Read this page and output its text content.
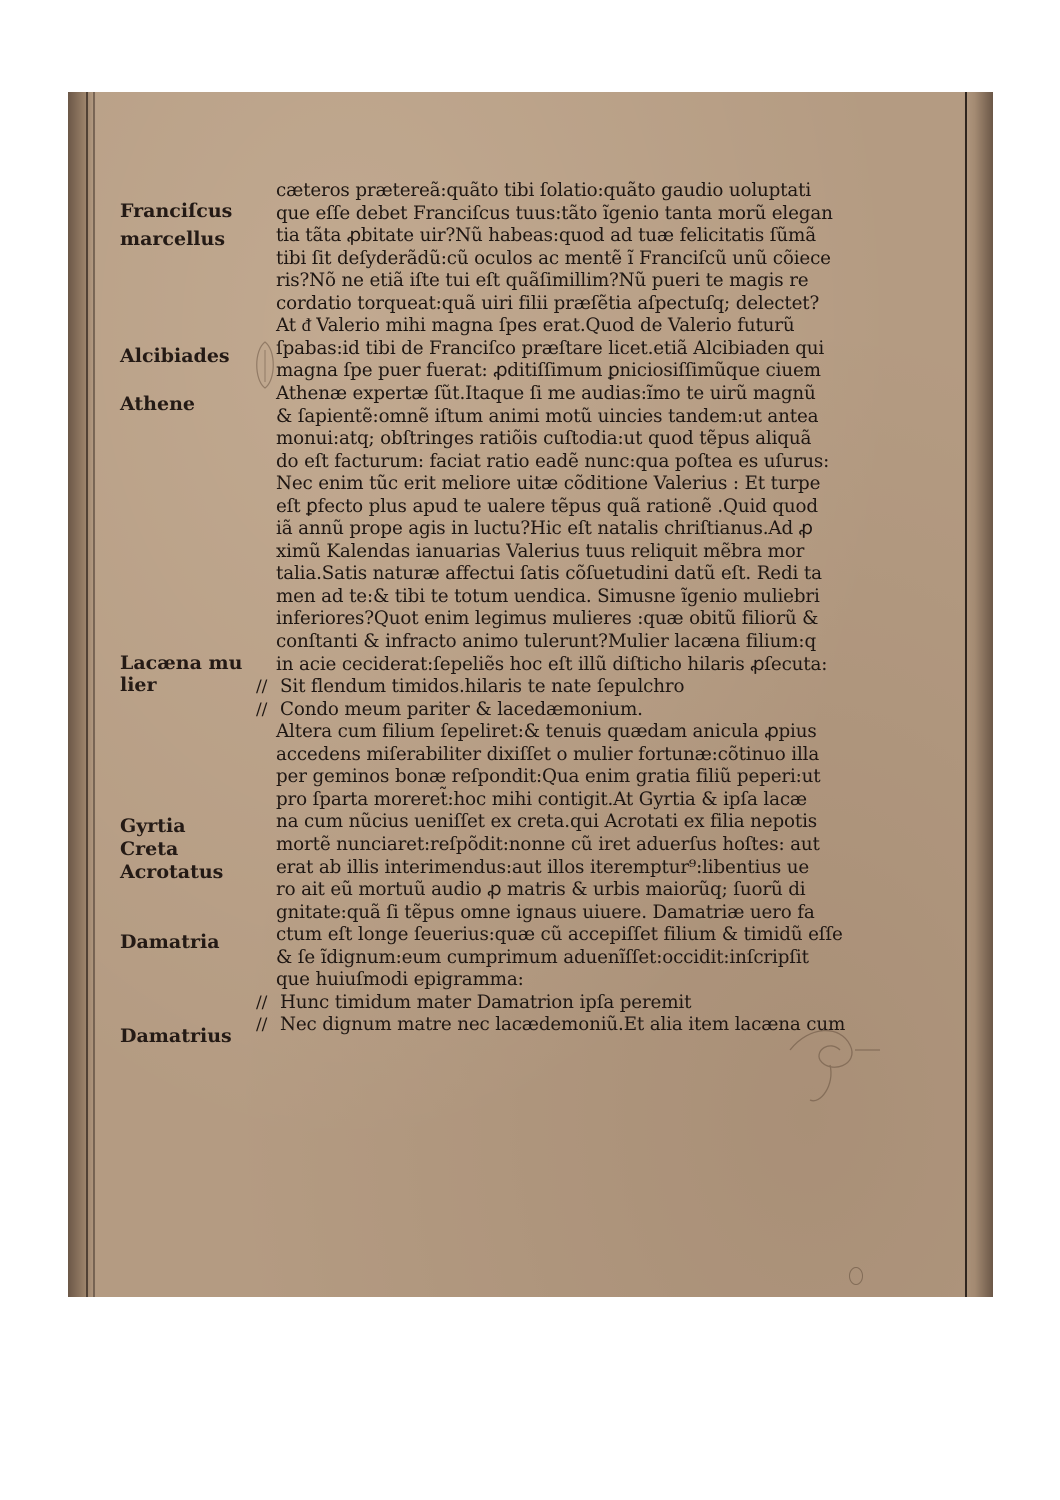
Franciſcus
marcellus
Alcibiades
Athene
Lacæna mu
lier
Gyrtia
Creta
Acrotatus
Damatria
Damatrius
cæteros prætereã:quãto tibi ſolatio:quãto gaudio uoluptati
que eſſe debet Franciſcus tuus:tãto ĩgenio tanta morũ elegan
tia tãta ꝓbitate uir?Nũ habeas:quod ad tuæ felicitatis ſũmã
tibi ſit deſyderãdũ:cũ oculos ac mentẽ ĩ Franciſcũ unũ cõiece
ris?Nõ ne etiã iſte tui eſt quãſimillim?Nũ pueri te magis re
cordatio torqueat:quã uiri filii præſẽtia aſpectuſq; delectet?
At ᵭ Valerio mihi magna ſpes erat.Quod de Valerio futurũ
ſpabas:id tibi de Franciſco præſtare licet.etiã Alcibiaden qui
magna ſpe puer fuerat: ꝓditiſſimum ꝑniciosiſſimũque ciuem
Athenæ expertæ ſũt.Itaque ſi me audias:ĩmo te uirũ magnũ
& ſapientẽ:omnẽ iſtum animi motũ uincies tandem:ut antea
monui:atq; obſtringes ratiõis cuſtodia:ut quod tẽpus aliquã
do eſt facturum: faciat ratio eadẽ nunc:qua poſtea es uſurus:
Nec enim tũc erit meliore uitæ cõditione Valerius : Et turpe
eſt ꝑfecto plus apud te ualere tẽpus quã rationẽ .Quid quod
iã annũ prope agis in luctu?Hic eſt natalis chriſtianus.Ad ꝓ
ximũ Kalendas ianuarias Valerius tuus reliquit mẽbra mor
talia.Satis naturæ affectui ſatis cõſuetudini datũ eſt. Redi ta
men ad te:& tibi te totum uendica. Simusne ĩgenio muliebri
inferiores?Quot enim legimus mulieres :quæ obitũ filiorũ &
conſtanti & infracto animo tulerunt?Mulier lacæna filium:q
in acie ceciderat:ſepeliẽs hoc eſt illũ diſticho hilaris ꝓſecuta:
// Sit flendum timidos.hilaris te nate ſepulchro
// Condo meum pariter & lacedæmonium.
Altera cum filium ſepeliret:& tenuis quædam anicula ꝓpius
accedens miſerabiliter dixiſſet o mulier fortunæ:cõtinuo illa
per geminos bonæ reſpondit:Qua enim gratia filiũ peperi:ut
pro ſparta moreret̃:hoc mihi contigit.At Gyrtia & ipſa lacæ
na cum nũcius ueniſſet ex creta.qui Acrotati ex filia nepotis
mortẽ nunciaret:reſpõdit:nonne cũ iret aduerſus hoſtes: aut
erat ab illis interimendus:aut illos iteremptur⁹:libentius ue
ro ait eũ mortuũ audio ꝓ matris & urbis maiorũq; ſuorũ di
gnitate:quã ſi tẽpus omne ignaus uiuere. Damatriæ uero fa
ctum eſt longe ſeuerius:quæ cũ accepiſſet filium & timidũ eſſe
& ſe ĩdignum:eum cumprimum aduenĩſſet:occidit:inſcripſit
que huiuſmodi epigramma:
// Hunc timidum mater Damatrion ipſa peremit
// Nec dignum matre nec lacædemoniũ.Et alia item lacæna cum
